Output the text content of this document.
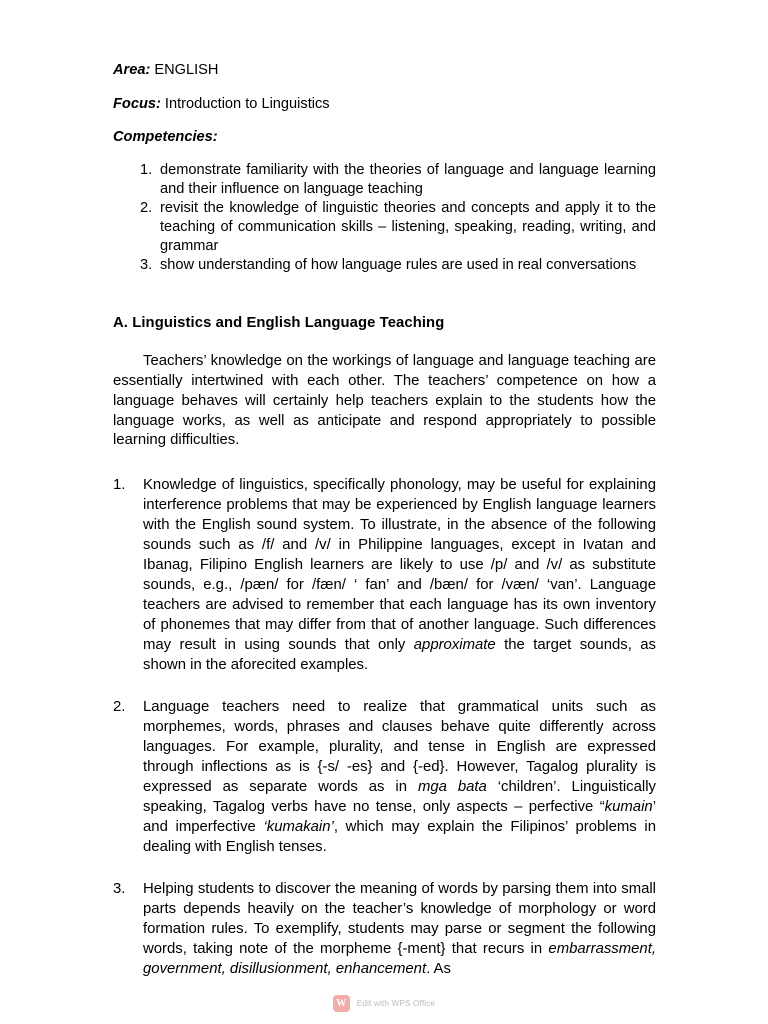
Area: ENGLISH
Focus: Introduction to Linguistics
Competencies:
1. demonstrate familiarity with the theories of language and language learning and their influence on language teaching
2. revisit the knowledge of linguistic theories and concepts and apply it to the teaching of communication skills – listening, speaking, reading, writing, and grammar
3. show understanding of how language rules are used in real conversations
A. Linguistics and English Language Teaching

Teachers’ knowledge on the workings of language and language teaching are essentially intertwined with each other. The teachers’ competence on how a language behaves will certainly help teachers explain to the students how the language works, as well as anticipate and respond appropriately to possible learning difficulties.

1.	Knowledge of linguistics, specifically phonology, may be useful for explaining interference problems that may be experienced by English language learners with the English sound system. To illustrate, in the absence of the following sounds such as /f/ and /v/ in Philippine languages, except in Ivatan and Ibanag, Filipino English learners are likely to use /p/ and /v/ as substitute sounds, e.g., /pæn/ for /fæn/ ‘ fan’ and /bæn/ for /væn/ ‘van’. Language teachers are advised to remember that each language has its own inventory of phonemes that may differ from that of another language. Such differences may result in using sounds that only approximate the target sounds, as shown in the aforecited examples.
2.	Language teachers need to realize that grammatical units such as morphemes, words, phrases and clauses behave quite differently across languages. For example, plurality, and tense in English are expressed through inflections as is {-s/ -es} and {-ed}. However, Tagalog plurality is expressed as separate words as in mga bata ‘children’. Linguistically speaking, Tagalog verbs have no tense, only aspects – perfective “kumain’ and imperfective ‘kumakain’, which may explain the Filipinos’ problems in dealing with English tenses.
3.	Helping students to discover the meaning of words by parsing them into small parts depends heavily on the teacher’s knowledge of morphology or word formation rules. To exemplify, students may parse or segment the following words, taking note of the morpheme {-ment} that recurs in embarrassment, government, disillusionment, enhancement. As
W Edit with WPS Office
